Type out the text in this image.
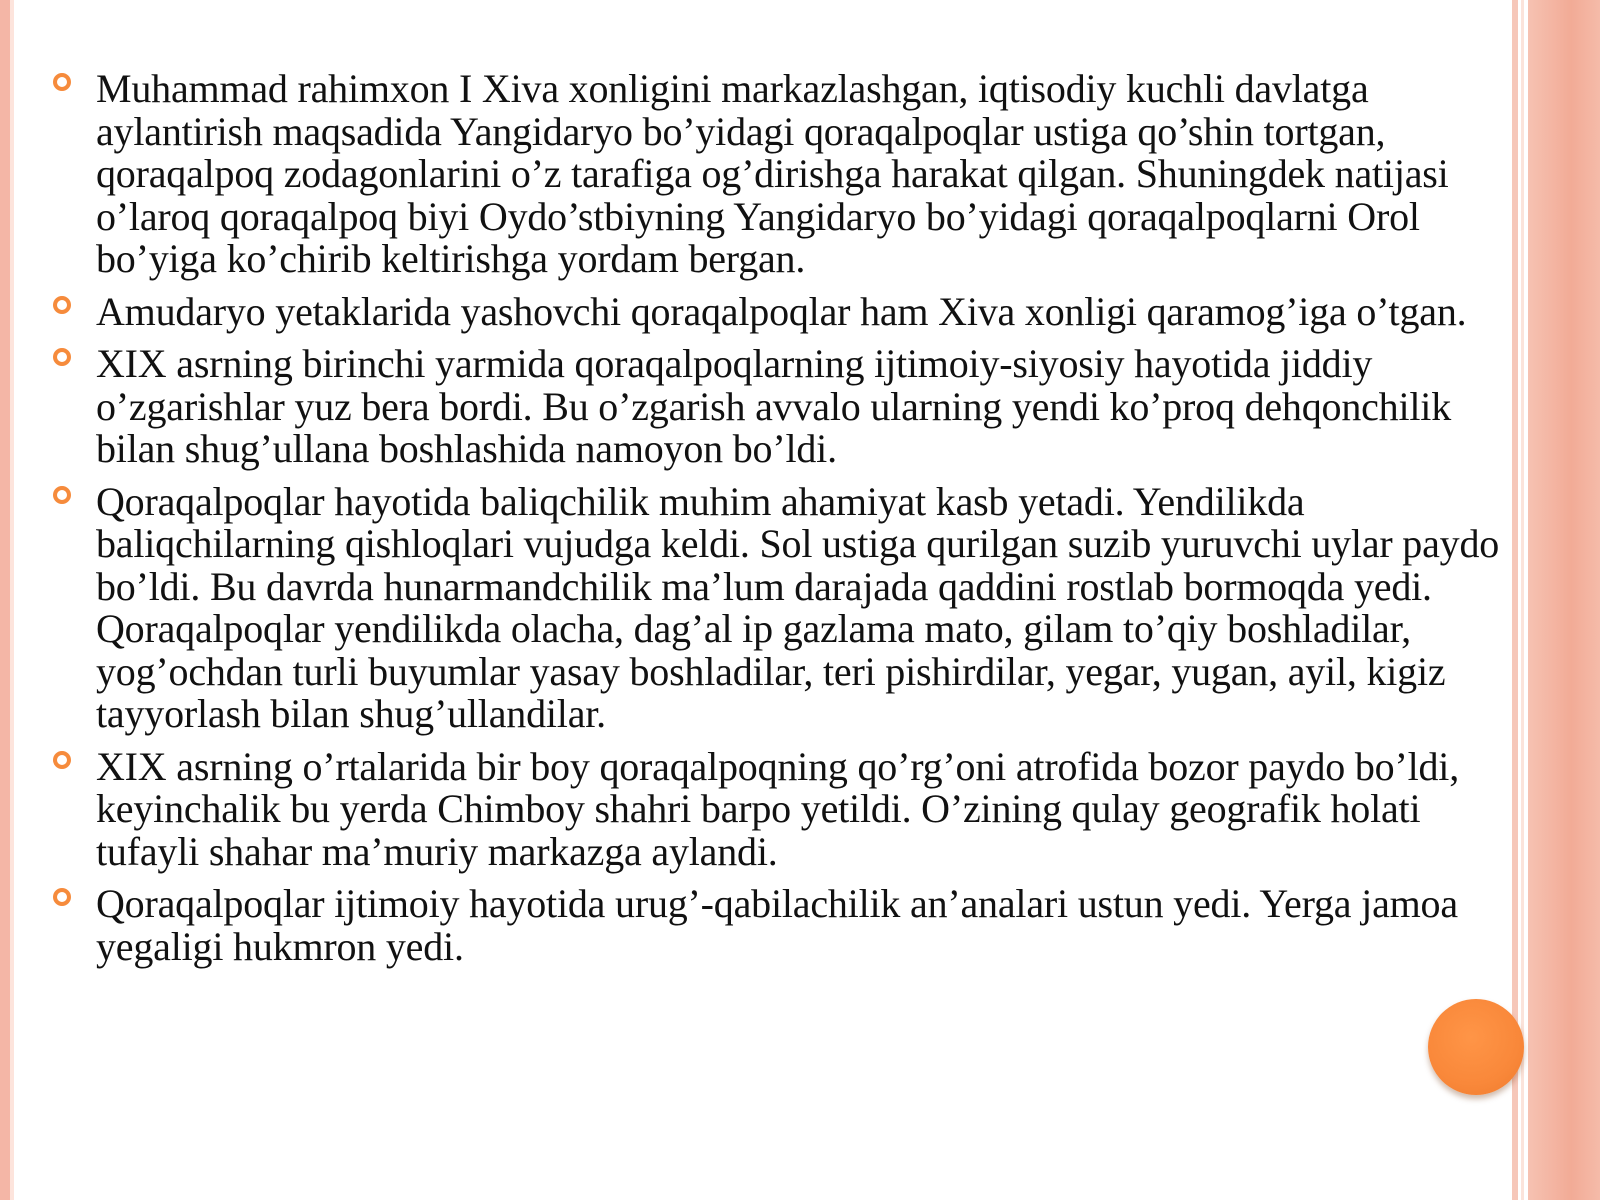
Muhammad rahimxon I Xiva xonligini markazlashgan, iqtisodiy kuchli davlatga aylantirish maqsadida Yangidaryo bo’yidagi qoraqalpoqlar ustiga qo’shin tortgan, qoraqalpoq zodagonlarini o’z tarafiga og’dirishga harakat qilgan. Shuningdek natijasi o’laroq qoraqalpoq biyi Oydo’stbiyning Yangidaryo bo’yidagi qoraqalpoqlarni Orol bo’yiga ko’chirib keltirishga yordam bergan.
Amudaryo yetaklarida yashovchi qoraqalpoqlar ham Xiva xonligi qaramog’iga o’tgan.
XIX asrning birinchi yarmida qoraqalpoqlarning ijtimoiy-siyosiy hayotida jiddiy o’zgarishlar yuz bera bordi. Bu o’zgarish avvalo ularning yendi ko’proq dehqonchilik bilan shug’ullana boshlashida namoyon bo’ldi.
Qoraqalpoqlar hayotida baliqchilik muhim ahamiyat kasb yetadi. Yendilikda baliqchilarning qishloqlari vujudga keldi. Sol ustiga qurilgan suzib yuruvchi uylar paydo bo’ldi. Bu davrda hunarmandchilik ma’lum darajada qaddini rostlab bormoqda yedi. Qoraqalpoqlar yendilikda olacha, dag’al ip gazlama mato, gilam to’qiy boshladilar, yog’ochdan turli buyumlar yasay boshladilar, teri pishirdilar, yegar, yugan, ayil, kigiz tayyorlash bilan shug’ullandilar.
XIX asrning o’rtalarida bir boy qoraqalpoqning qo’rg’oni atrofida bozor paydo bo’ldi, keyinchalik bu yerda Chimboy shahri barpo yetildi. O’zining qulay geografik holati tufayli shahar ma’muriy markazga aylandi.
Qoraqalpoqlar ijtimoiy hayotida urug’-qabilachilik an’analari ustun yedi. Yerga jamoa yegaligi hukmron yedi.
